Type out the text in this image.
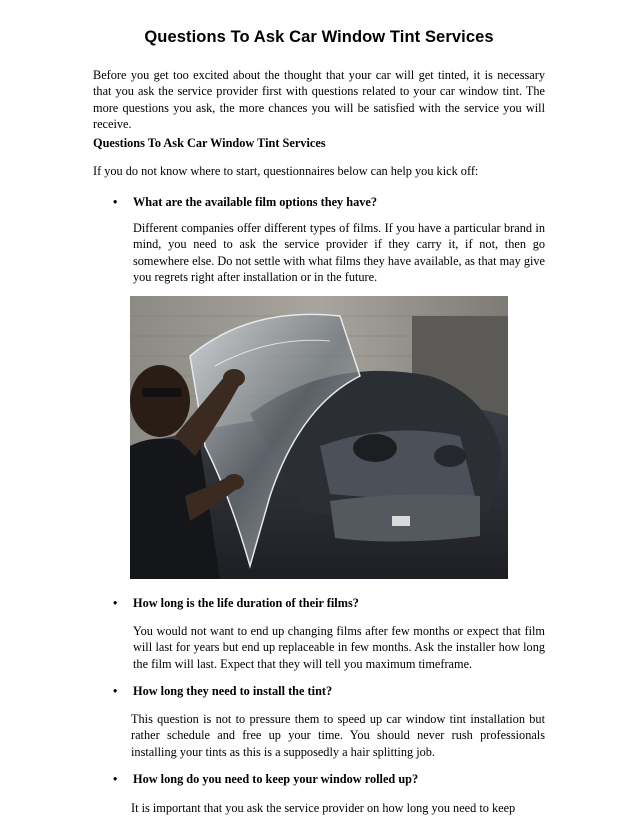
Questions To Ask Car Window Tint Services

Before you get too excited about the thought that your car will get tinted, it is necessary that you ask the service provider first with questions related to your car window tint. The more questions you ask, the more chances you will be satisfied with the service you will receive.

Questions To Ask Car Window Tint Services

If you do not know where to start, questionnaires below can help you kick off:

• What are the available film options they have?

Different companies offer different types of films. If you have a particular brand in mind, you need to ask the service provider if they carry it, if not, then go somewhere else. Do not settle with what films they have available, as that may give you regrets right after installation or in the future.

• How long is the life duration of their films?

You would not want to end up changing films after few months or expect that film will last for years but end up replaceable in few months. Ask the installer how long the film will last. Expect that they will tell you maximum timeframe.

• How long they need to install the tint?

This question is not to pressure them to speed up car window tint installation but rather schedule and free up your time. You should never rush professionals installing your tints as this is a supposedly a hair splitting job.

• How long do you need to keep your window rolled up?

It is important that you ask the service provider on how long you need to keep
